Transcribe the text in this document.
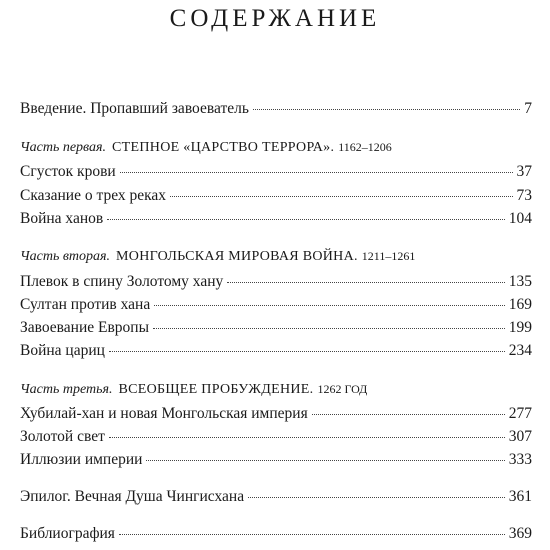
СОДЕРЖАНИЕ
Введение. Пропавший завоеватель	7
Часть первая. СТЕПНОЕ «ЦАРСТВО ТЕРРОРА». 1162–1206
Сгусток крови	37
Сказание о трех реках	73
Война ханов	104
Часть вторая. МОНГОЛЬСКАЯ МИРОВАЯ ВОЙНА. 1211–1261
Плевок в спину Золотому хану	135
Султан против хана	169
Завоевание Европы	199
Война цариц	234
Часть третья. ВСЕОБЩЕЕ ПРОБУЖДЕНИЕ. 1262 ГОД
Хубилай-хан и новая Монгольская империя	277
Золотой свет	307
Иллюзии империи	333
Эпилог. Вечная Душа Чингисхана	361
Библиография	369
